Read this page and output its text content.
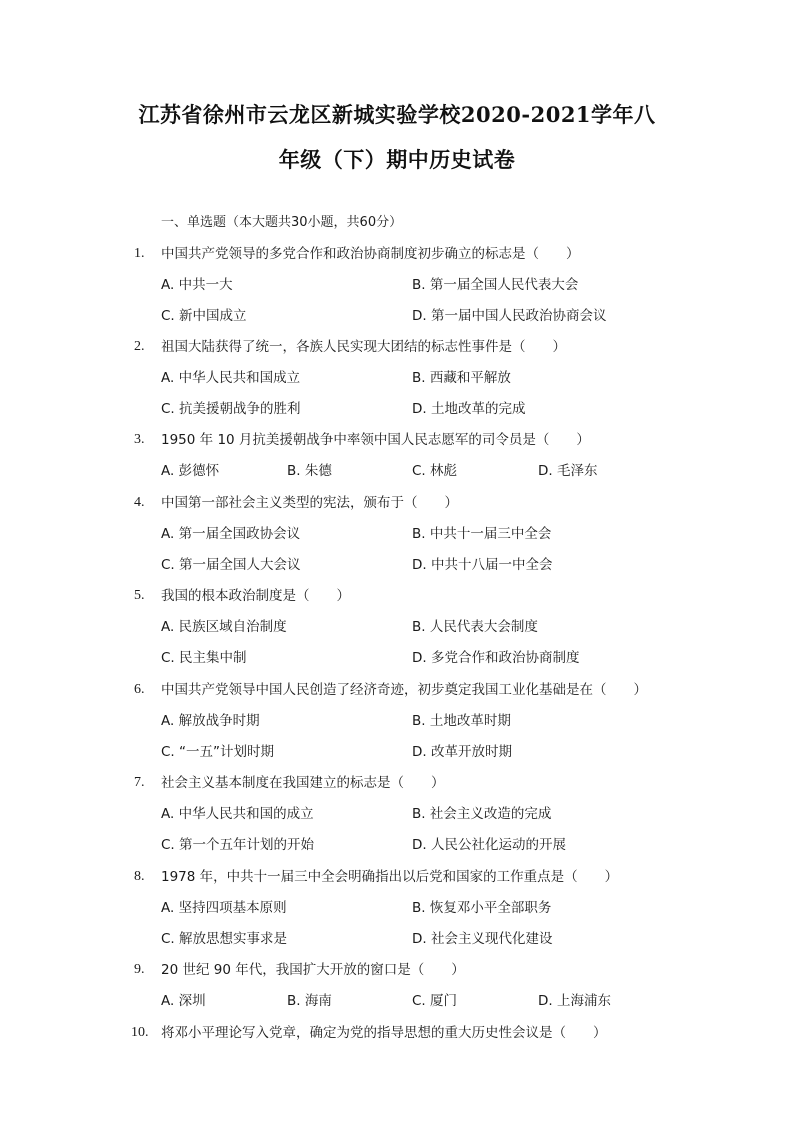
江苏省徐州市云龙区新城实验学校2020-2021学年八
年级（下）期中历史试卷
一、单选题（本大题共30小题，共60分）
1. 中国共产党领导的多党合作和政治协商制度初步确立的标志是（　　）
A. 中共一大	B. 第一届全国人民代表大会
C. 新中国成立	D. 第一届中国人民政治协商会议
2. 祖国大陆获得了统一，各族人民实现大团结的标志性事件是（　　）
A. 中华人民共和国成立	B. 西藏和平解放
C. 抗美援朝战争的胜利	D. 土地改革的完成
3. 1950 年 10 月抗美援朝战争中率领中国人民志愿军的司令员是（　　）
A. 彭德怀	B. 朱德	C. 林彪	D. 毛泽东
4. 中国第一部社会主义类型的宪法，颁布于（　　）
A. 第一届全国政协会议	B. 中共十一届三中全会
C. 第一届全国人大会议	D. 中共十八届一中全会
5. 我国的根本政治制度是（　　）
A. 民族区域自治制度	B. 人民代表大会制度
C. 民主集中制	D. 多党合作和政治协商制度
6. 中国共产党领导中国人民创造了经济奇迹，初步奠定我国工业化基础是在（　　）
A. 解放战争时期	B. 土地改革时期
C. “一五”计划时期	D. 改革开放时期
7. 社会主义基本制度在我国建立的标志是（　　）
A. 中华人民共和国的成立	B. 社会主义改造的完成
C. 第一个五年计划的开始	D. 人民公社化运动的开展
8. 1978 年，中共十一届三中全会明确指出以后党和国家的工作重点是（　　）
A. 坚持四项基本原则	B. 恢复邓小平全部职务
C. 解放思想实事求是	D. 社会主义现代化建设
9. 20 世纪 90 年代，我国扩大开放的窗口是（　　）
A. 深圳	B. 海南	C. 厦门	D. 上海浦东
10. 将邓小平理论写入党章，确定为党的指导思想的重大历史性会议是（　　）
